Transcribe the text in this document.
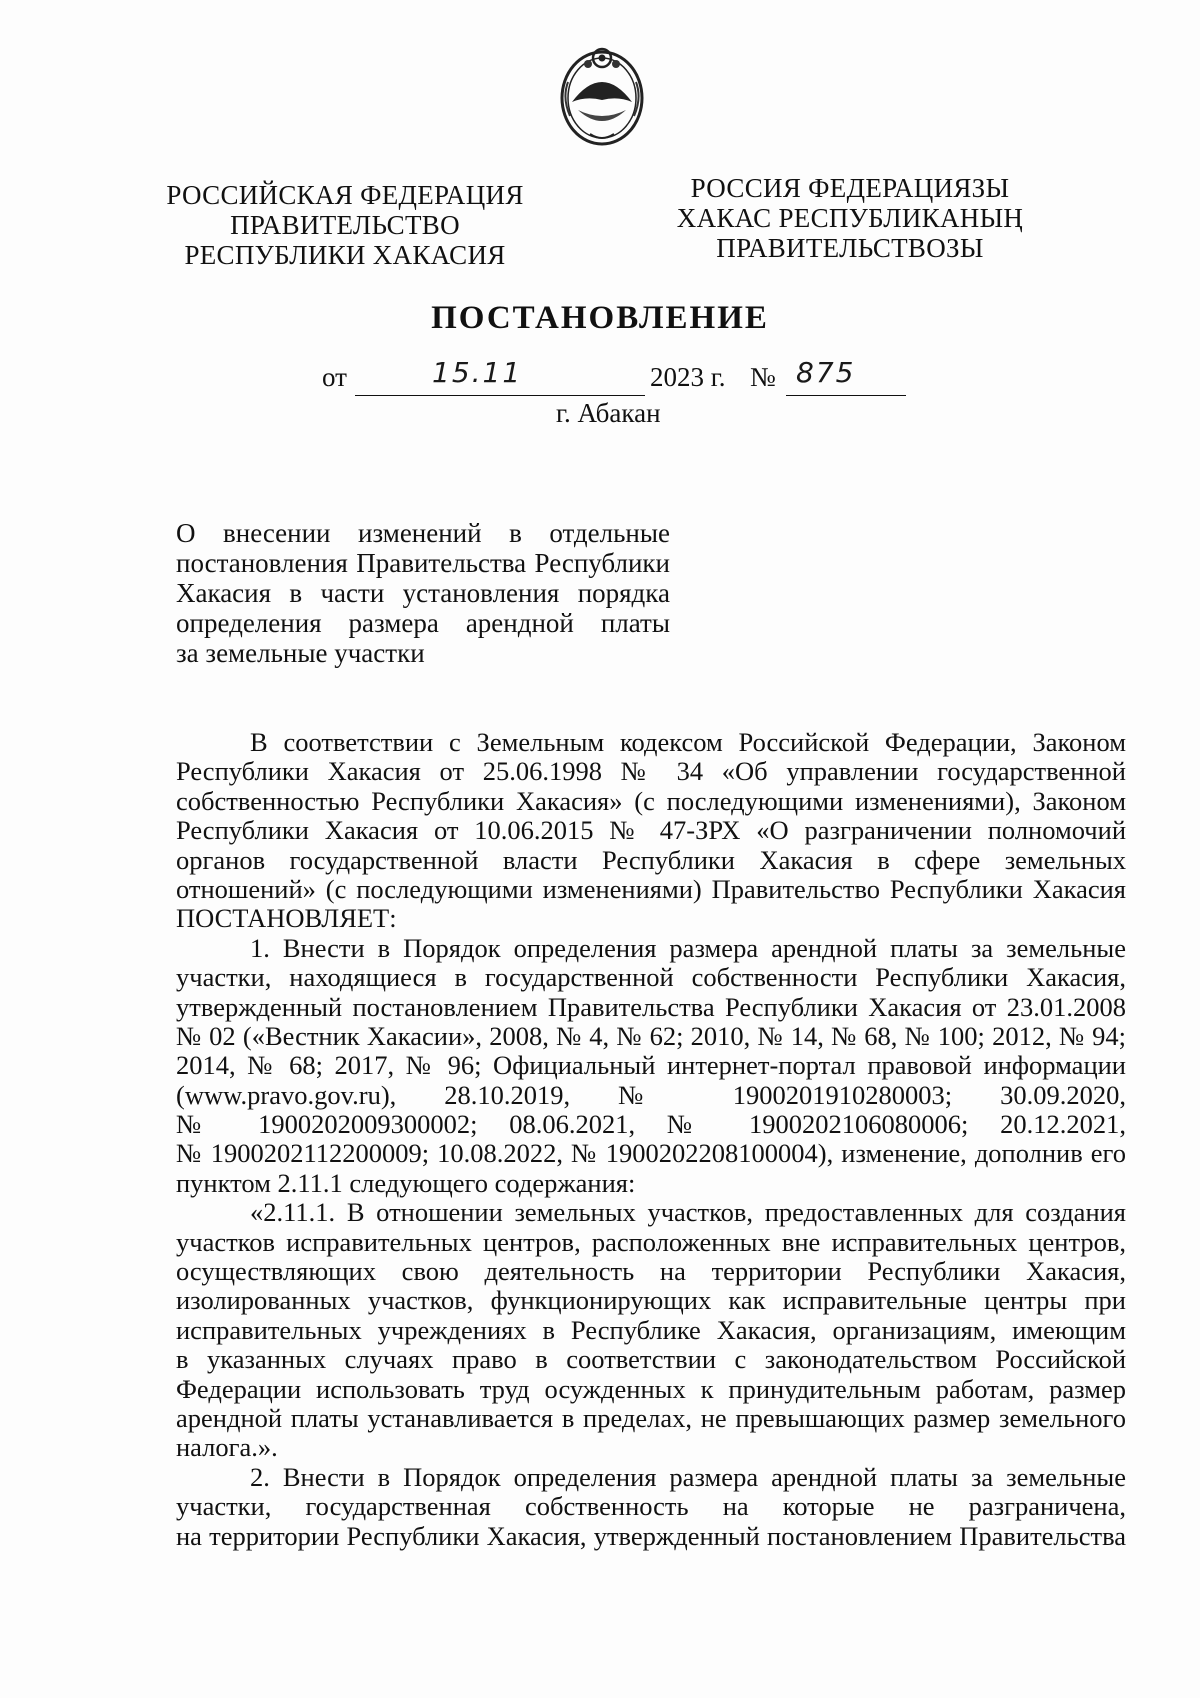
РОССИЙСКАЯ ФЕДЕРАЦИЯ
ПРАВИТЕЛЬСТВО
РЕСПУБЛИКИ ХАКАСИЯ
РОССИЯ ФЕДЕРАЦИЯЗЫ
ХАКАС РЕСПУБЛИКАНЫҢ
ПРАВИТЕЛЬСТВОЗЫ
ПОСТАНОВЛЕНИЕ
от	15.11	2023 г. № 875
г. Абакан
О внесении изменений в отдельные
постановления Правительства Республики
Хакасия в части установления порядка
определения размера арендной платы
за земельные участки
В соответствии с Земельным кодексом Российской Федерации, Законом
Республики Хакасия от 25.06.1998 № 34 «Об управлении государственной
собственностью Республики Хакасия» (с последующими изменениями), Законом
Республики Хакасия от 10.06.2015 № 47-ЗРХ «О разграничении полномочий
органов государственной власти Республики Хакасия в сфере земельных
отношений» (с последующими изменениями) Правительство Республики Хакасия
ПОСТАНОВЛЯЕТ:
1. Внести в Порядок определения размера арендной платы за земельные
участки, находящиеся в государственной собственности Республики Хакасия,
утвержденный постановлением Правительства Республики Хакасия от 23.01.2008
№ 02 («Вестник Хакасии», 2008, № 4, № 62; 2010, № 14, № 68, № 100; 2012, № 94;
2014, № 68; 2017, № 96; Официальный интернет-портал правовой информации
(www.pravo.gov.ru), 28.10.2019, № 1900201910280003; 30.09.2020,
№ 1900202009300002; 08.06.2021, № 1900202106080006; 20.12.2021,
№ 1900202112200009; 10.08.2022, № 1900202208100004), изменение, дополнив его
пунктом 2.11.1 следующего содержания:
«2.11.1. В отношении земельных участков, предоставленных для создания
участков исправительных центров, расположенных вне исправительных центров,
осуществляющих свою деятельность на территории Республики Хакасия,
изолированных участков, функционирующих как исправительные центры при
исправительных учреждениях в Республике Хакасия, организациям, имеющим
в указанных случаях право в соответствии с законодательством Российской
Федерации использовать труд осужденных к принудительным работам, размер
арендной платы устанавливается в пределах, не превышающих размер земельного
налога.».
2. Внести в Порядок определения размера арендной платы за земельные
участки, государственная собственность на которые не разграничена,
на территории Республики Хакасия, утвержденный постановлением Правительства
